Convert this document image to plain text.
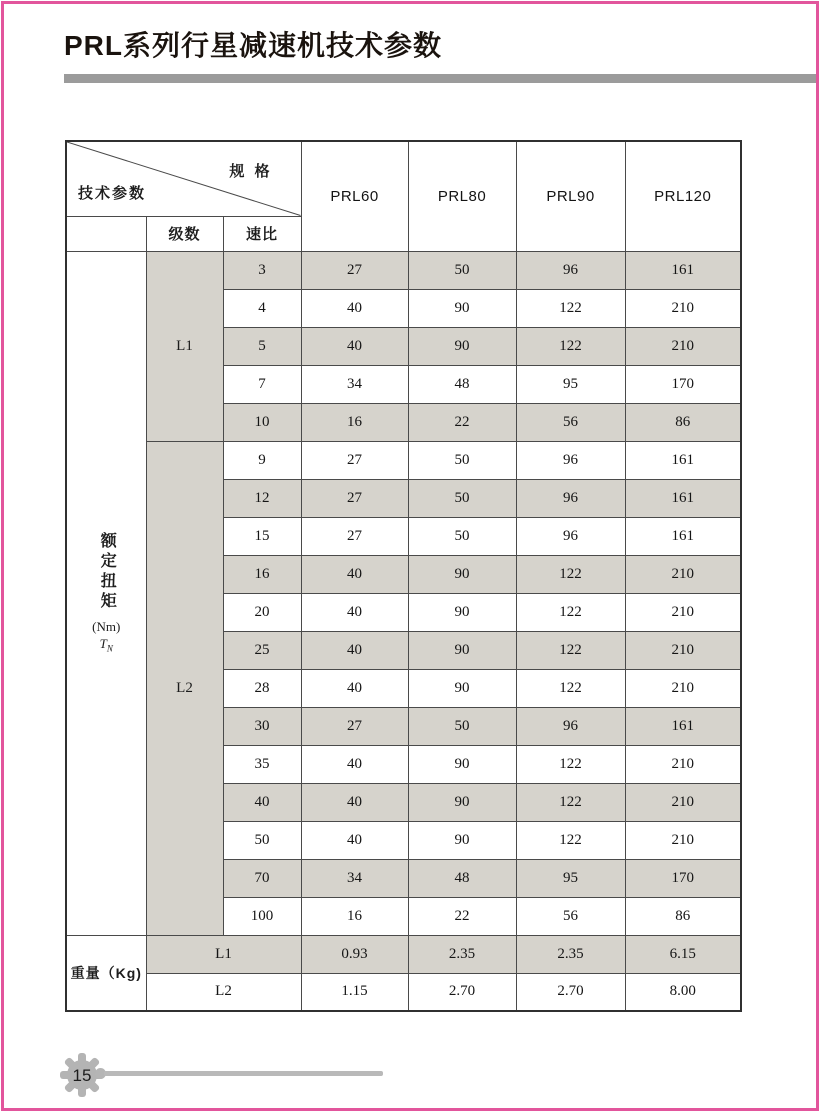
PRL系列行星减速机技术参数
规 格
技术参数			PRL60	PRL80	PRL90	PRL120
	级数	速比				

额定扭矩
(Nm)
$T_N$	L1	3	27	50	96	161
		4	40	90	122	210
		5	40	90	122	210
		7	34	48	95	170
		10	16	22	56	86
	L2	9	27	50	96	161
		12	27	50	96	161
		15	27	50	96	161
		16	40	90	122	210
		20	40	90	122	210
		25	40	90	122	210
		28	40	90	122	210
		30	27	50	96	161
		35	40	90	122	210
		40	40	90	122	210
		50	40	90	122	210
		70	34	48	95	170
		100	16	22	56	86
重量（Kg)	L1		0.93	2.35	2.35	6.15
	L2		1.15	2.70	2.70	8.00
15
